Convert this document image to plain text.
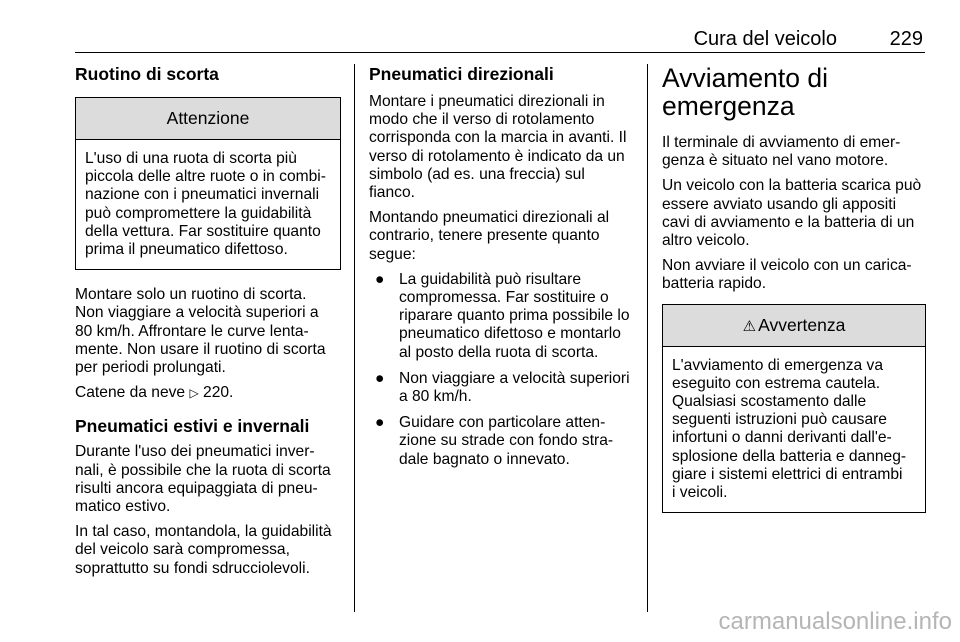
Cura del veicolo	229
Ruotino di scorta
Attenzione
L'uso di una ruota di scorta più
piccola delle altre ruote o in combi-
nazione con i pneumatici invernali
può compromettere la guidabilità
della vettura. Far sostituire quanto
prima il pneumatico difettoso.

Montare solo un ruotino di scorta.
Non viaggiare a velocità superiori a
80 km/h. Affrontare le curve lenta-
mente. Non usare il ruotino di scorta
per periodi prolungati.

Catene da neve ▷ 220.

Pneumatici estivi e invernali

Durante l'uso dei pneumatici inver-
nali, è possibile che la ruota di scorta
risulti ancora equipaggiata di pneu-
matico estivo.

In tal caso, montandola, la guidabilità
del veicolo sarà compromessa,
soprattutto su fondi sdrucciolevoli.

Pneumatici direzionali

Montare i pneumatici direzionali in
modo che il verso di rotolamento
corrisponda con la marcia in avanti. Il
verso di rotolamento è indicato da un
simbolo (ad es. una freccia) sul
fianco.

Montando pneumatici direzionali al
contrario, tenere presente quanto
segue:

● La guidabilità può risultare
compromessa. Far sostituire o
riparare quanto prima possibile lo
pneumatico difettoso e montarlo
al posto della ruota di scorta.
● Non viaggiare a velocità superiori
a 80 km/h.
● Guidare con particolare atten-
zione su strade con fondo stra-
dale bagnato o innevato.
Avviamento di
emergenza

Il terminale di avviamento di emer-
genza è situato nel vano motore.

Un veicolo con la batteria scarica può
essere avviato usando gli appositi
cavi di avviamento e la batteria di un
altro veicolo.

Non avviare il veicolo con un carica-
batteria rapido.

⚠ Avvertenza
L'avviamento di emergenza va
eseguito con estrema cautela.
Qualsiasi scostamento dalle
seguenti istruzioni può causare
infortuni o danni derivanti dall'e-
splosione della batteria e danneg-
giare i sistemi elettrici di entrambi
i veicoli.
carmanualsonline.info
